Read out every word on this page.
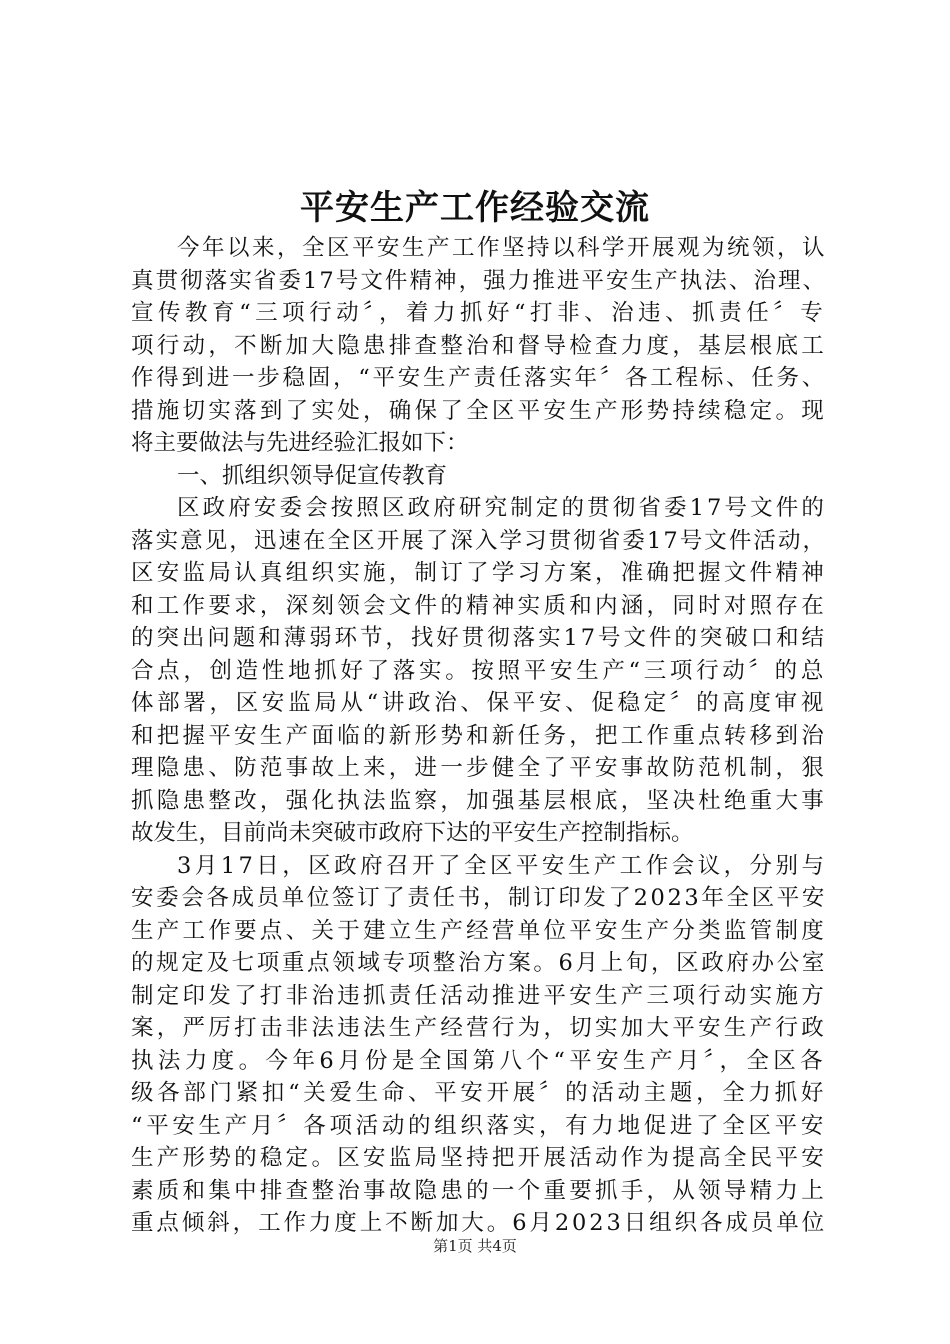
平安生产工作经验交流
今年以来，全区平安生产工作坚持以科学开展观为统领，认
真贯彻落实省委17号文件精神，强力推进平安生产执法、治理、
宣传教育“三项行动〞，着力抓好“打非、治违、抓责任〞专
项行动，不断加大隐患排查整治和督导检查力度，基层根底工
作得到进一步稳固，“平安生产责任落实年〞各工程标、任务、
措施切实落到了实处，确保了全区平安生产形势持续稳定。现
将主要做法与先进经验汇报如下：
一、抓组织领导促宣传教育
区政府安委会按照区政府研究制定的贯彻省委17号文件的
落实意见，迅速在全区开展了深入学习贯彻省委17号文件活动，
区安监局认真组织实施，制订了学习方案，准确把握文件精神
和工作要求，深刻领会文件的精神实质和内涵，同时对照存在
的突出问题和薄弱环节，找好贯彻落实17号文件的突破口和结
合点，创造性地抓好了落实。按照平安生产“三项行动〞的总
体部署，区安监局从“讲政治、保平安、促稳定〞的高度审视
和把握平安生产面临的新形势和新任务，把工作重点转移到治
理隐患、防范事故上来，进一步健全了平安事故防范机制，狠
抓隐患整改，强化执法监察，加强基层根底，坚决杜绝重大事
故发生，目前尚未突破市政府下达的平安生产控制指标。
3月17日，区政府召开了全区平安生产工作会议，分别与
安委会各成员单位签订了责任书，制订印发了2023年全区平安
生产工作要点、关于建立生产经营单位平安生产分类监管制度
的规定及七项重点领域专项整治方案。6月上旬，区政府办公室
制定印发了打非治违抓责任活动推进平安生产三项行动实施方
案，严厉打击非法违法生产经营行为，切实加大平安生产行政
执法力度。今年6月份是全国第八个“平安生产月〞，全区各
级各部门紧扣“关爱生命、平安开展〞的活动主题，全力抓好
“平安生产月〞各项活动的组织落实，有力地促进了全区平安
生产形势的稳定。区安监局坚持把开展活动作为提高全民平安
素质和集中排查整治事故隐患的一个重要抓手，从领导精力上
重点倾斜，工作力度上不断加大。6月2023日组织各成员单位
第1页 共4页
